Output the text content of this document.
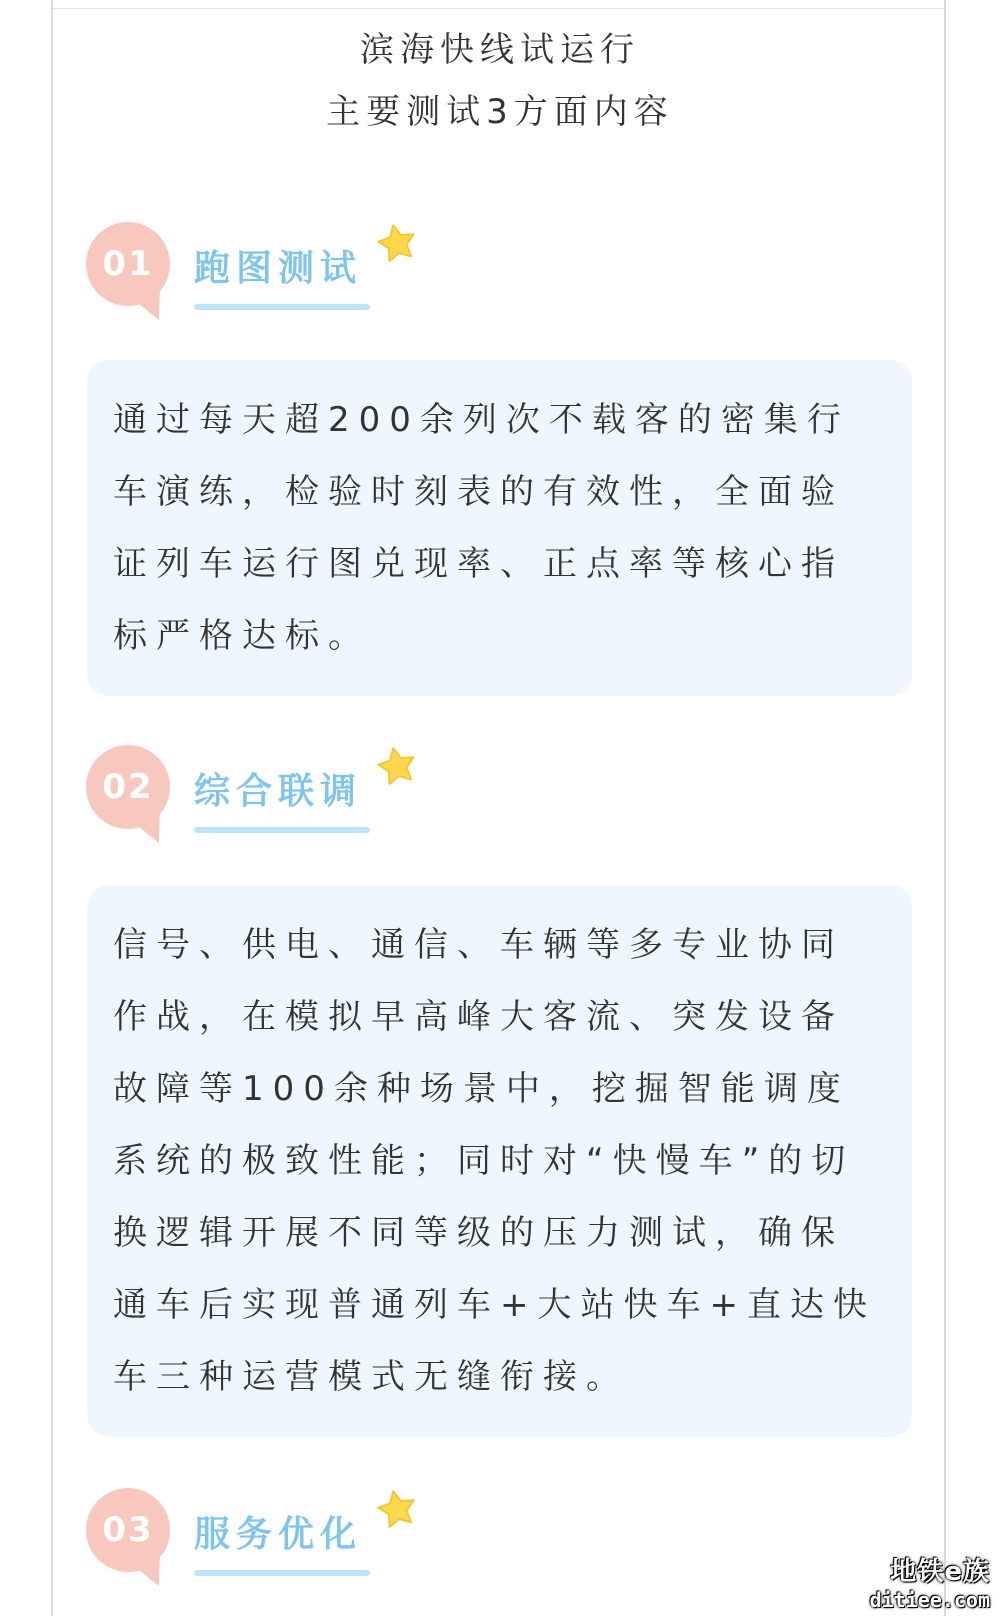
滨海快线试运行
主要测试3方面内容
01	跑图测试
通过每天超200余列次不载客的密集行
车演练，检验时刻表的有效性，全面验
证列车运行图兑现率、正点率等核心指
标严格达标。
02	综合联调
信号、供电、通信、车辆等多专业协同
作战，在模拟早高峰大客流、突发设备
故障等100余种场景中，挖掘智能调度
系统的极致性能；同时对“快慢车”的切
换逻辑开展不同等级的压力测试，确保
通车后实现普通列车+大站快车+直达快
车三种运营模式无缝衔接。
03	服务优化
地铁e族
ditiee.com
